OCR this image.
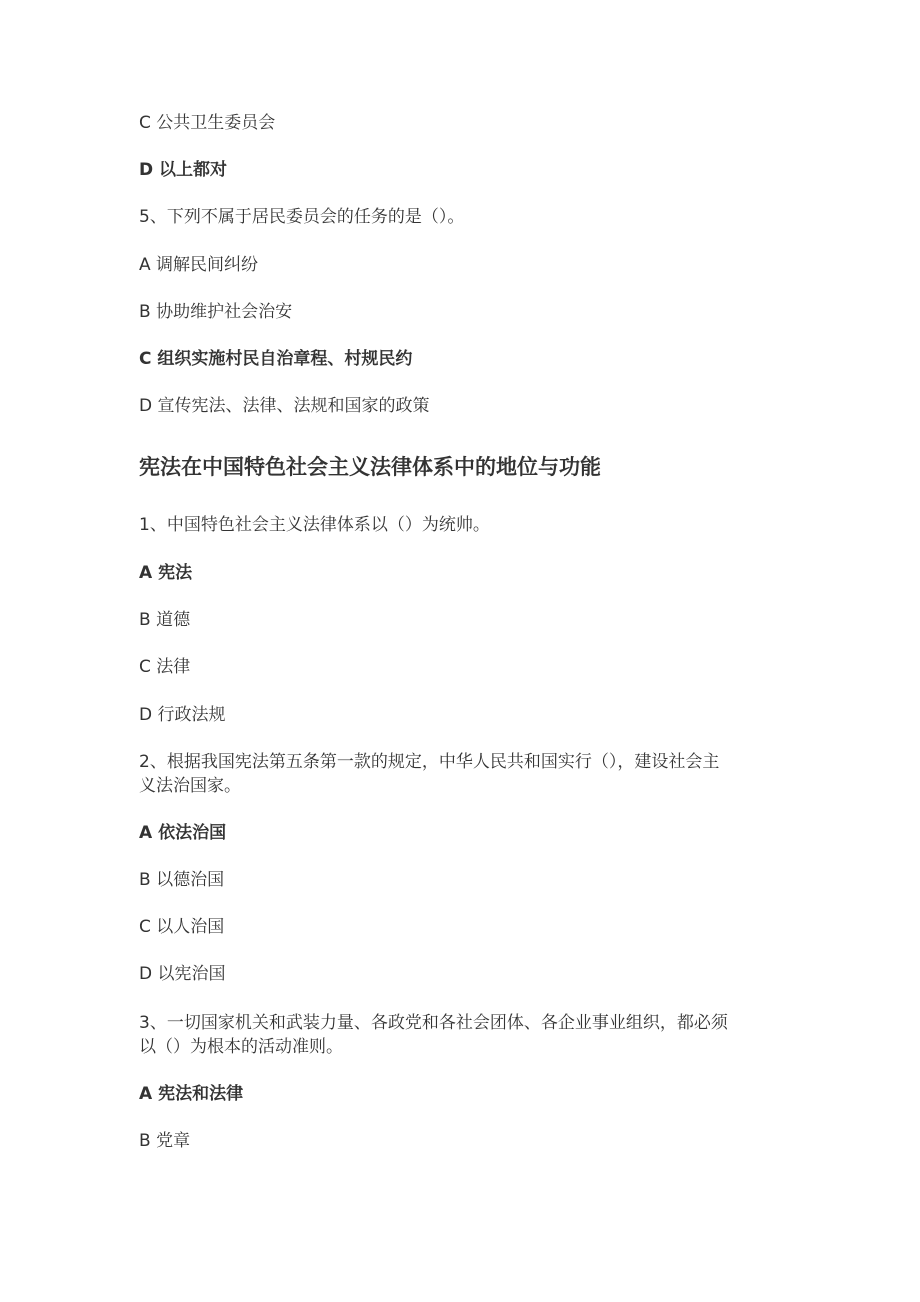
C 公共卫生委员会
D 以上都对
5、下列不属于居民委员会的任务的是（）。
A 调解民间纠纷
B 协助维护社会治安
C 组织实施村民自治章程、村规民约
D 宣传宪法、法律、法规和国家的政策
宪法在中国特色社会主义法律体系中的地位与功能
1、中国特色社会主义法律体系以（）为统帅。
A 宪法
B 道德
C 法律
D 行政法规
2、根据我国宪法第五条第一款的规定，中华人民共和国实行（），建设社会主
义法治国家。
A 依法治国
B 以德治国
C 以人治国
D 以宪治国
3、一切国家机关和武装力量、各政党和各社会团体、各企业事业组织，都必须
以（）为根本的活动准则。
A 宪法和法律
B 党章
